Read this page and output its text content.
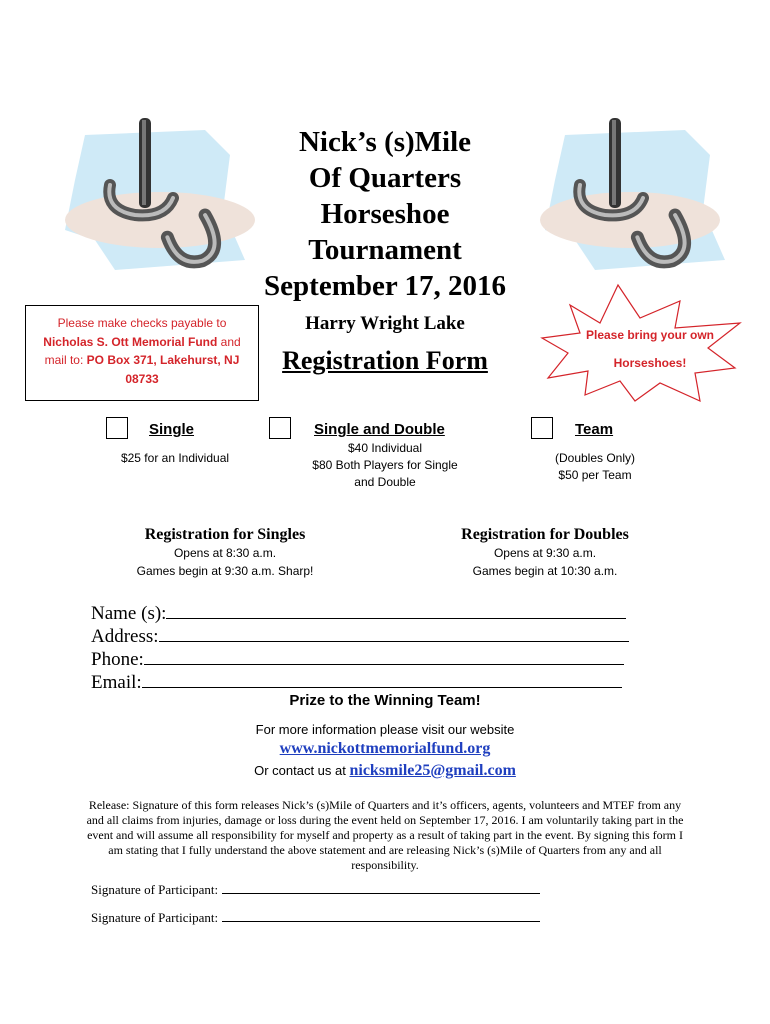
Nick’s (s)Mile
Of Quarters
Horseshoe
Tournament
September 17, 2016
Harry Wright Lake
Registration Form
Please make checks payable to
Nicholas S. Ott Memorial Fund and
mail to: PO Box 371, Lakehurst, NJ
08733
Please bring your own
Horseshoes!
Single
$25 for an Individual
Single and Double
$40 Individual
$80 Both Players for Single
and Double
Team
(Doubles Only)
$50 per Team
Registration for Singles
Opens at 8:30 a.m.
Games begin at 9:30 a.m. Sharp!
Registration for Doubles
Opens at 9:30 a.m.
Games begin at 10:30 a.m.
Name (s):
Address:
Phone:
Email:
Prize to the Winning Team!
For more information please visit our website
www.nickottmemorialfund.org
Or contact us at nicksmile25@gmail.com
Release: Signature of this form releases Nick’s (s)Mile of Quarters and it’s officers, agents, volunteers and MTEF from any and all claims from injuries, damage or loss during the event held on September 17, 2016. I am voluntarily taking part in the event and will assume all responsibility for myself and property as a result of taking part in the event. By signing this form I am stating that I fully understand the above statement and are releasing Nick’s (s)Mile of Quarters from any and all responsibility.
Signature of Participant:
Signature of Participant:
